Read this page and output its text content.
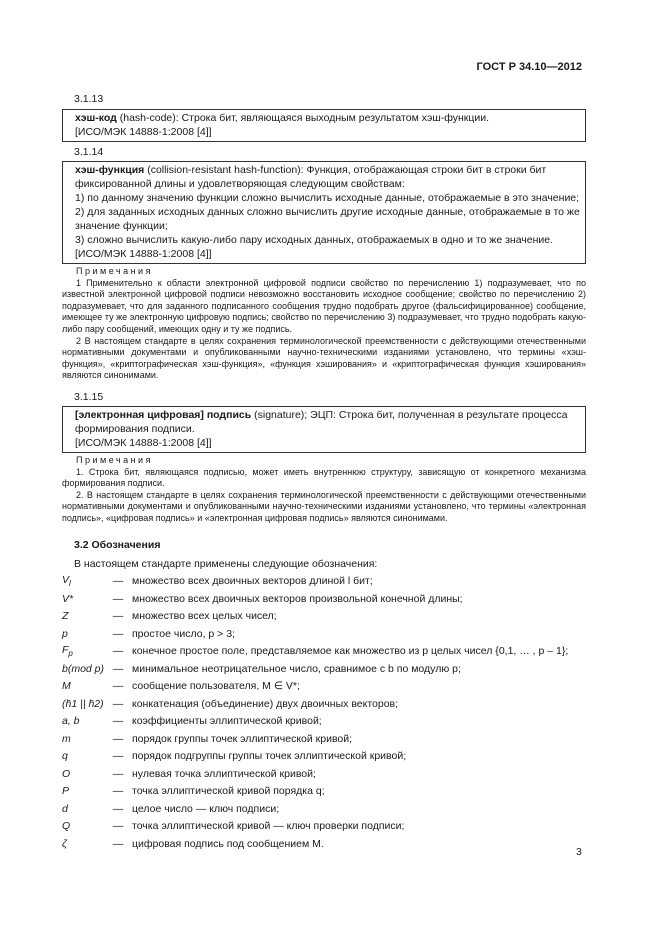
ГОСТ Р 34.10—2012

3.1.13

хэш-код (hash-code): Строка бит, являющаяся выходным результатом хэш-функции.

[ИСО/МЭК 14888-1:2008 [4]]

3.1.14

хэш-функция (collision-resistant hash-function): Функция, отображающая строки бит в строки бит фиксированной длины и удовлетворяющая следующим свойствам:

1) по данному значению функции сложно вычислить исходные данные, отображаемые в это значение;

2) для заданных исходных данных сложно вычислить другие исходные данные, отображаемые в то же значение функции;

3) сложно вычислить какую-либо пару исходных данных, отображаемых в одно и то же значение.

[ИСО/МЭК 14888-1:2008 [4]]

Примечания

1 Применительно к области электронной цифровой подписи свойство по перечислению 1) подразумевает, что по известной электронной цифровой подписи невозможно восстановить исходное сообщение; свойство по перечислению 2) подразумевает, что для заданного подписанного сообщения трудно подобрать другое (фальсифицированное) сообщение, имеющее ту же электронную цифровую подпись; свойство по перечислению 3) подразумевает, что трудно подобрать какую-либо пару сообщений, имеющих одну и ту же подпись.

2 В настоящем стандарте в целях сохранения терминологической преемственности с действующими отечественными нормативными документами и опубликованными научно-техническими изданиями установлено, что термины «хэш-функция», «криптографическая хэш-функция», «функция хэширования» и «криптографическая функция хэширования» являются синонимами.

3.1.15

[электронная цифровая] подпись (signature); ЭЦП: Строка бит, полученная в результате процесса формирования подписи.

[ИСО/МЭК 14888-1:2008 [4]]

Примечания

1. Строка бит, являющаяся подписью, может иметь внутреннюю структуру, зависящую от конкретного механизма формирования подписи.

2. В настоящем стандарте в целях сохранения терминологической преемственности с действующими отечественными нормативными документами и опубликованными научно-техническими изданиями установлено, что термины «электронная подпись», «цифровая подпись» и «электронная цифровая подпись» являются синонимами.

3.2 Обозначения

В настоящем стандарте применены следующие обозначения:

$V_l$	—	множество всех двоичных векторов длиной l бит;
V*	—	множество всех двоичных векторов произвольной конечной длины;
Z	—	множество всех целых чисел;
p	—	простое число, p > 3;
$F_p$	—	конечное простое поле, представляемое как множество из p целых чисел {0,1, … , p – 1};
b(mod p)	—	минимальное неотрицательное число, сравнимое с b по модулю p;
M	—	сообщение пользователя, M ∈ V*;
(h̄1 || h̄2)	—	конкатенация (объединение) двух двоичных векторов;
a, b	—	коэффициенты эллиптической кривой;
m	—	порядок группы точек эллиптической кривой;
q	—	порядок подгруппы группы точек эллиптической кривой;
O	—	нулевая точка эллиптической кривой;
P	—	точка эллиптической кривой порядка q;
d	—	целое число — ключ подписи;
Q	—	точка эллиптической кривой — ключ проверки подписи;
ζ	—	цифровая подпись под сообщением M.
3
